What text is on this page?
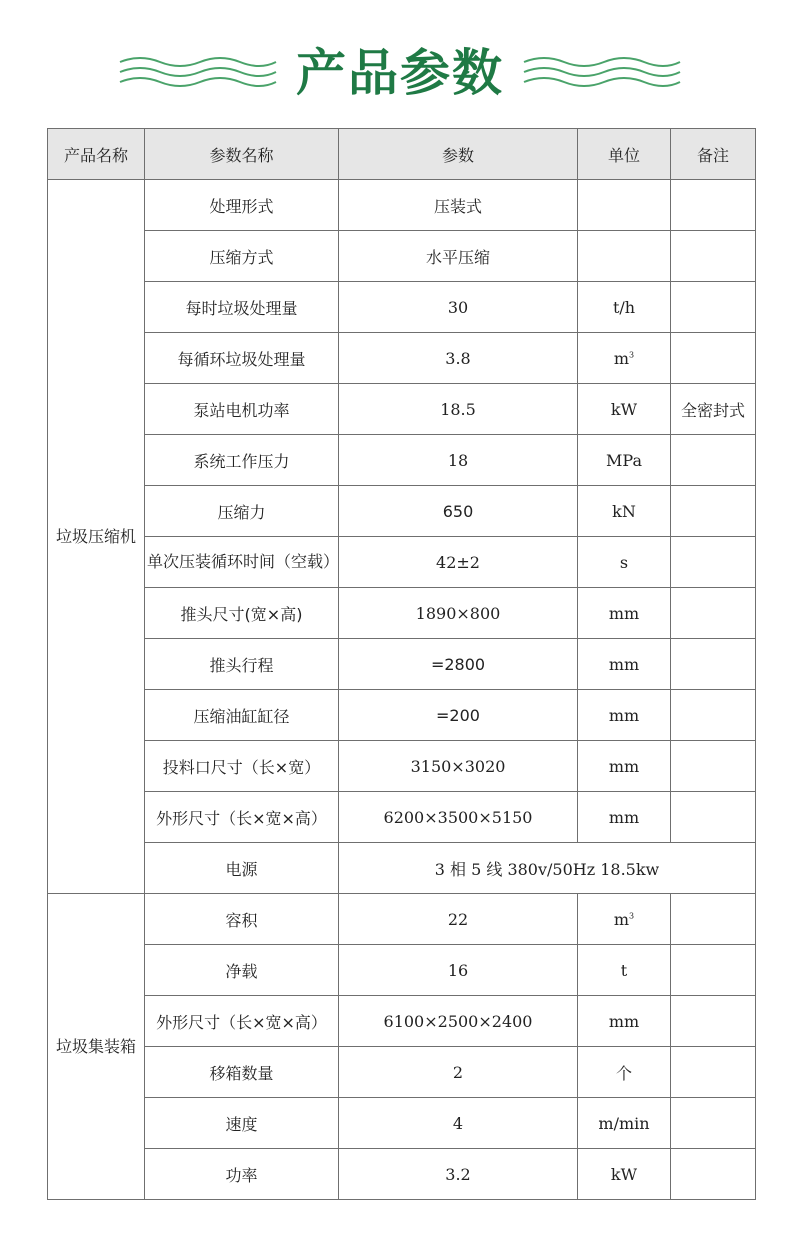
产品参数
产品名称	参数名称	参数	单位	备注
垃圾压缩机	处理形式	压装式		
	压缩方式	水平压缩		
	每时垃圾处理量	30	t/h	
	每循环垃圾处理量	3.8	$m^3$	
	泵站电机功率	18.5	kW	全密封式
	系统工作压力	18	MPa	
	压缩力	650	kN	
	单次压装循环时间（空载）	42±2	s	
	推头尺寸(宽×高)	1890×800	mm	
	推头行程	=2800	mm	
	压缩油缸缸径	=200	mm	
	投料口尺寸（长×宽）	3150×3020	mm	
	外形尺寸（长×宽×高）	6200×3500×5150	mm	
	电源	3 相 5 线 380v/50Hz 18.5kw		
垃圾集装箱	容积	22	$m^3$	
	净载	16	t	
	外形尺寸（长×宽×高）	6100×2500×2400	mm	
	移箱数量	2	个	
	速度	4	m/min	
	功率	3.2	kW	
